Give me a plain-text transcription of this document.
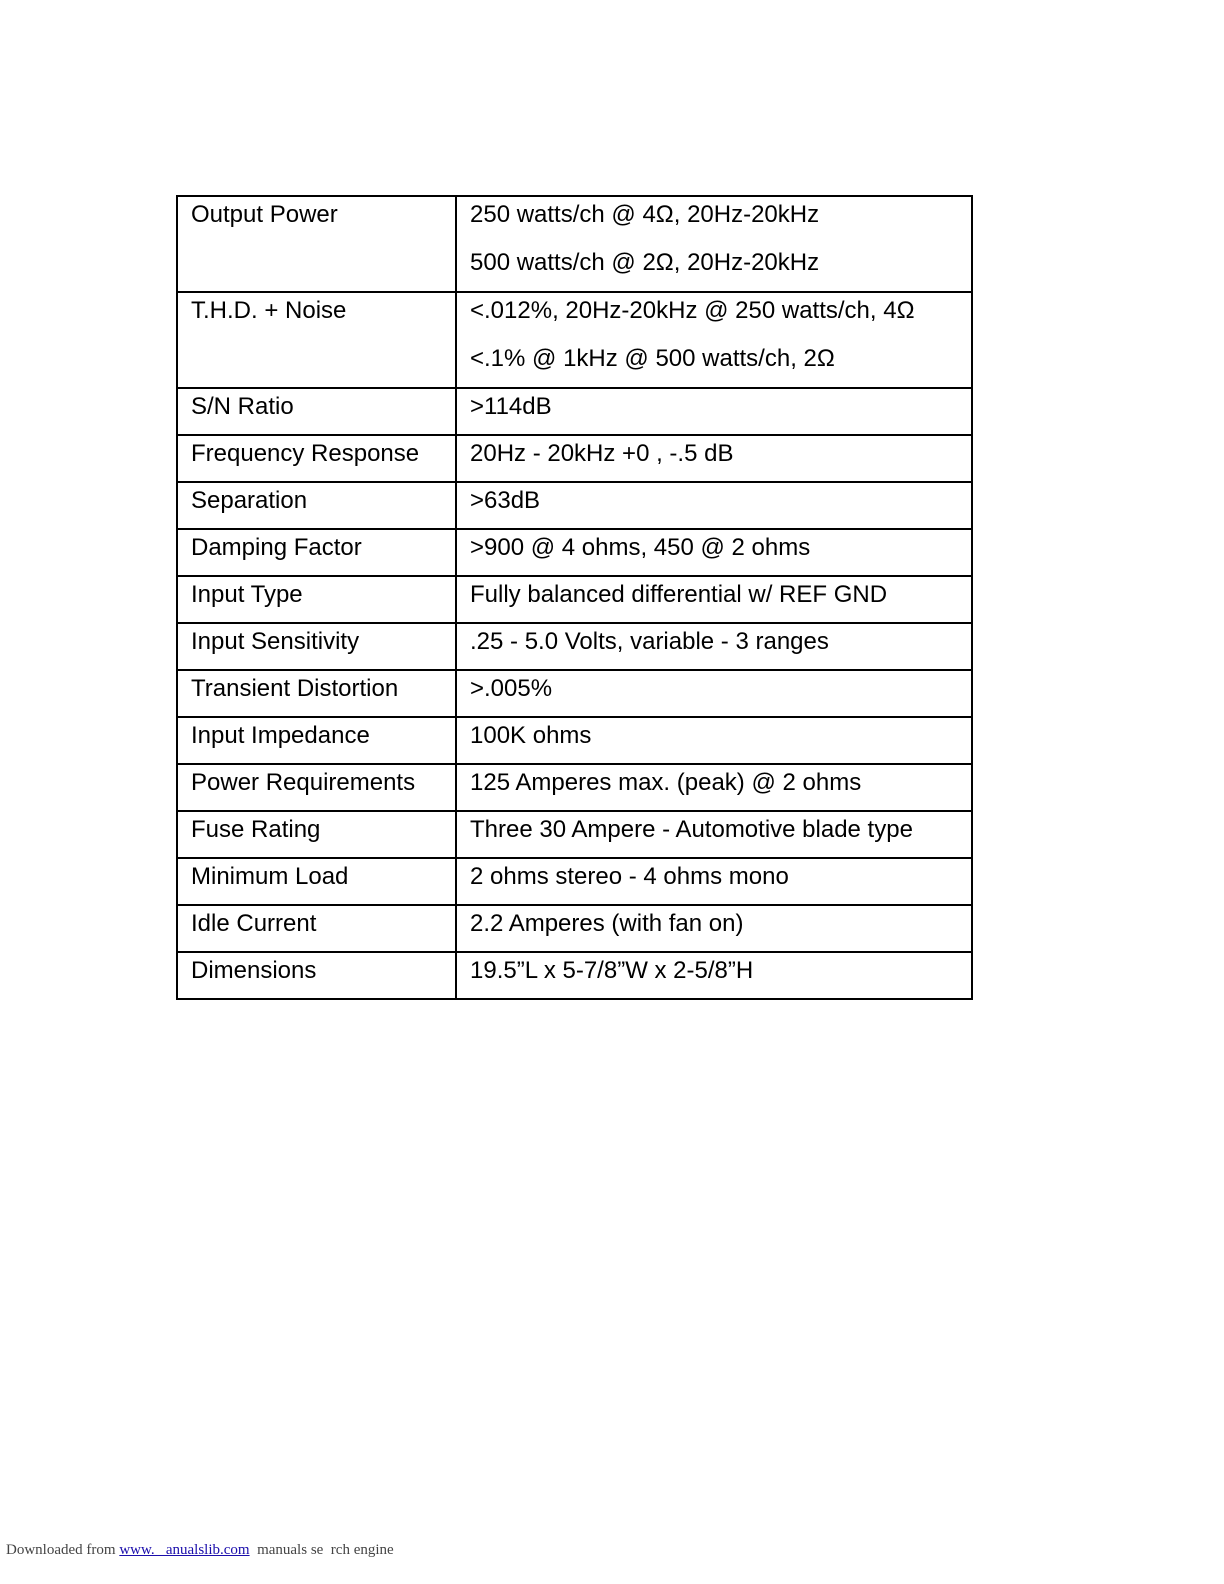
Output Power	250 watts/ch @ 4Ω, 20Hz-20kHz
500 watts/ch @ 2Ω, 20Hz-20kHz

T.H.D. + Noise	<.012%, 20Hz-20kHz @ 250 watts/ch, 4Ω
<.1% @ 1kHz @ 500 watts/ch, 2Ω

S/N Ratio	>114dB

Frequency Response	20Hz - 20kHz +0 , -.5 dB

Separation	>63dB

Damping Factor	>900 @ 4 ohms, 450 @ 2 ohms

Input Type	Fully balanced differential w/ REF GND

Input Sensitivity	.25 - 5.0 Volts, variable - 3 ranges

Transient Distortion	>.005%

Input Impedance	100K ohms

Power Requirements	125 Amperes max. (peak) @ 2 ohms

Fuse Rating	Three 30 Ampere - Automotive blade type

Minimum Load	2 ohms stereo - 4 ohms mono

Idle Current	2.2 Amperes (with fan on)

Dimensions	19.5”L x 5-7/8”W x 2-5/8”H
Downloaded from www.   anualslib.com  manuals se  rch engine
